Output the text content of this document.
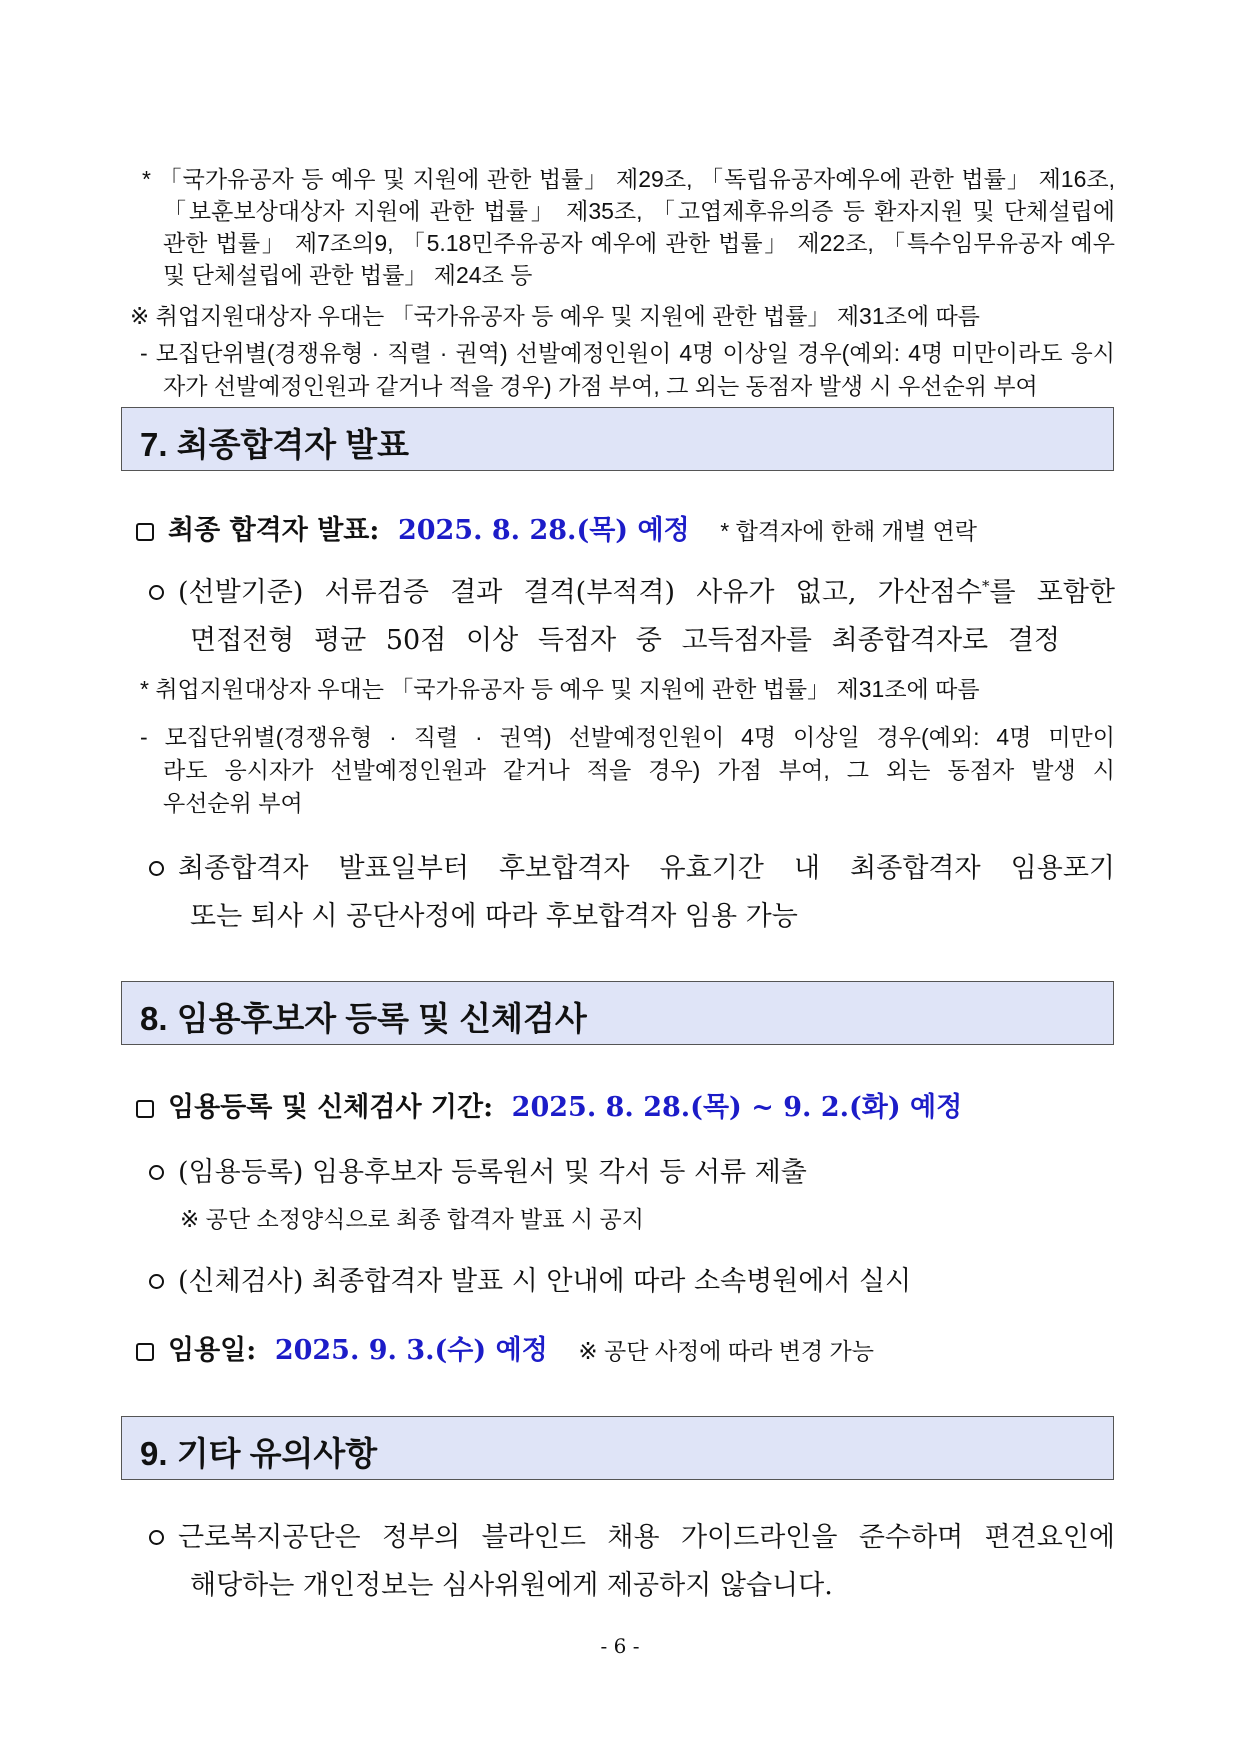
* 「국가유공자 등 예우 및 지원에 관한 법률」 제29조, 「독립유공자예우에 관한 법률」 제16조,
「보훈보상대상자 지원에 관한 법률」 제35조, 「고엽제후유의증 등 환자지원 및 단체설립에
관한 법률」 제7조의9, 「5.18민주유공자 예우에 관한 법률」 제22조, 「특수임무유공자 예우
및 단체설립에 관한 법률」 제24조 등
※ 취업지원대상자 우대는 「국가유공자 등 예우 및 지원에 관한 법률」 제31조에 따름
- 모집단위별(경쟁유형 · 직렬 · 권역) 선발예정인원이 4명 이상일 경우(예외: 4명 미만이라도 응시
자가 선발예정인원과 같거나 적을 경우) 가점 부여, 그 외는 동점자 발생 시 우선순위 부여
7. 최종합격자 발표
최종 합격자 발표: 2025. 8. 28.(목) 예정 * 합격자에 한해 개별 연락
(선발기준) 서류검증 결과 결격(부적격) 사유가 없고, 가산점수*를 포함한
면접전형 평균 50점 이상 득점자 중 고득점자를 최종합격자로 결정
* 취업지원대상자 우대는 「국가유공자 등 예우 및 지원에 관한 법률」 제31조에 따름
- 모집단위별(경쟁유형 · 직렬 · 권역) 선발예정인원이 4명 이상일 경우(예외: 4명 미만이
라도 응시자가 선발예정인원과 같거나 적을 경우) 가점 부여, 그 외는 동점자 발생 시
우선순위 부여
최종합격자 발표일부터 후보합격자 유효기간 내 최종합격자 임용포기
또는 퇴사 시 공단사정에 따라 후보합격자 임용 가능
8. 임용후보자 등록 및 신체검사
임용등록 및 신체검사 기간: 2025. 8. 28.(목) ~ 9. 2.(화) 예정
(임용등록) 임용후보자 등록원서 및 각서 등 서류 제출
※ 공단 소정양식으로 최종 합격자 발표 시 공지
(신체검사) 최종합격자 발표 시 안내에 따라 소속병원에서 실시
임용일: 2025. 9. 3.(수) 예정 ※ 공단 사정에 따라 변경 가능
9. 기타 유의사항
근로복지공단은 정부의 블라인드 채용 가이드라인을 준수하며 편견요인에
해당하는 개인정보는 심사위원에게 제공하지 않습니다.
- 6 -
